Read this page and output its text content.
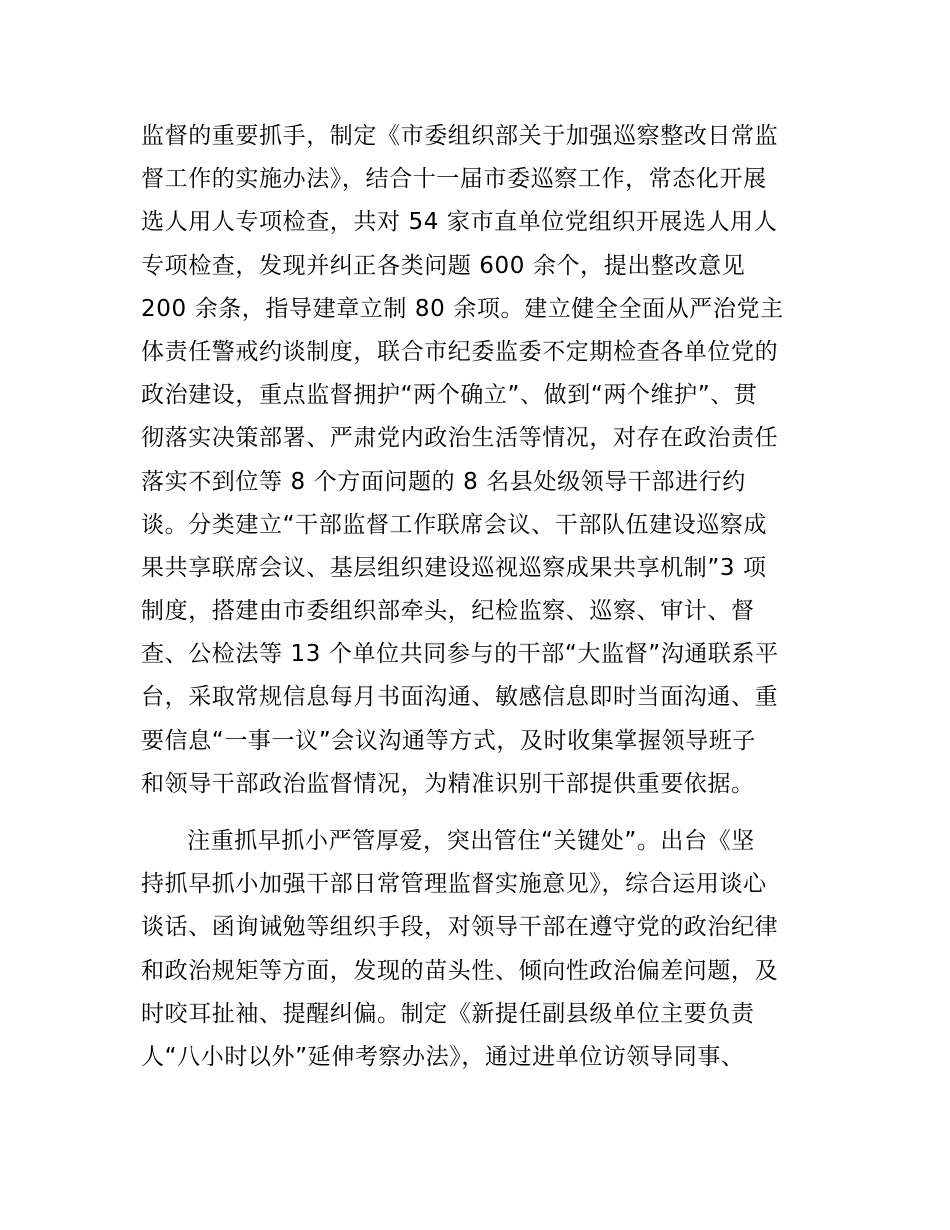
监督的重要抓手，制定《市委组织部关于加强巡察整改日常监
督工作的实施办法》，结合十一届市委巡察工作，常态化开展
选人用人专项检查，共对 54 家市直单位党组织开展选人用人
专项检查，发现并纠正各类问题 600 余个，提出整改意见
200 余条，指导建章立制 80 余项。建立健全全面从严治党主
体责任警戒约谈制度，联合市纪委监委不定期检查各单位党的
政治建设，重点监督拥护“两个确立”、做到“两个维护”、贯
彻落实决策部署、严肃党内政治生活等情况，对存在政治责任
落实不到位等 8 个方面问题的 8 名县处级领导干部进行约
谈。分类建立“干部监督工作联席会议、干部队伍建设巡察成
果共享联席会议、基层组织建设巡视巡察成果共享机制”3 项
制度，搭建由市委组织部牵头，纪检监察、巡察、审计、督
查、公检法等 13 个单位共同参与的干部“大监督”沟通联系平
台，采取常规信息每月书面沟通、敏感信息即时当面沟通、重
要信息“一事一议”会议沟通等方式，及时收集掌握领导班子
和领导干部政治监督情况，为精准识别干部提供重要依据。
注重抓早抓小严管厚爱，突出管住“关键处”。出台《坚
持抓早抓小加强干部日常管理监督实施意见》，综合运用谈心
谈话、函询诫勉等组织手段，对领导干部在遵守党的政治纪律
和政治规矩等方面，发现的苗头性、倾向性政治偏差问题，及
时咬耳扯袖、提醒纠偏。制定《新提任副县级单位主要负责
人“八小时以外”延伸考察办法》，通过进单位访领导同事、
